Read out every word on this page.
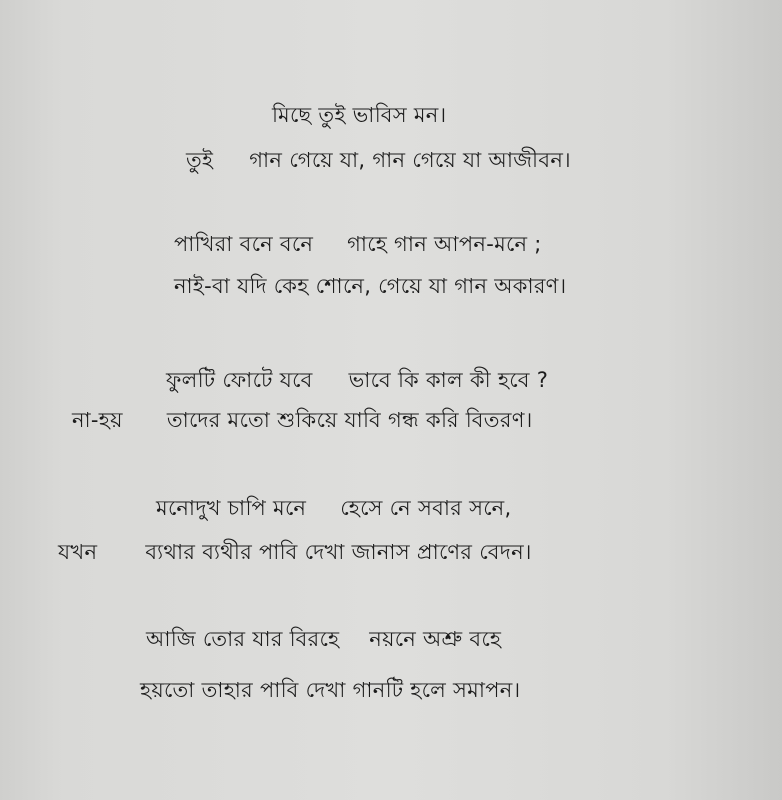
মিছে তুই ভাবিস মন।
তুই গান গেয়ে যা, গান গেয়ে যা আজীবন।
পাখিরা বনে বনে গাহে গান আপন-মনে ;
নাই-বা যদি কেহ শোনে, গেয়ে যা গান অকারণ।
ফুলটি ফোটে যবে ভাবে কি কাল কী হবে ?
না-হয় তাদের মতো শুকিয়ে যাবি গন্ধ করি বিতরণ।
মনোদুখ চাপি মনে হেসে নে সবার সনে,
যখন ব্যথার ব্যথীর পাবি দেখা জানাস প্রাণের বেদন।
আজি তোর যার বিরহে নয়নে অশ্রু বহে
হয়তো তাহার পাবি দেখা গানটি হলে সমাপন।
